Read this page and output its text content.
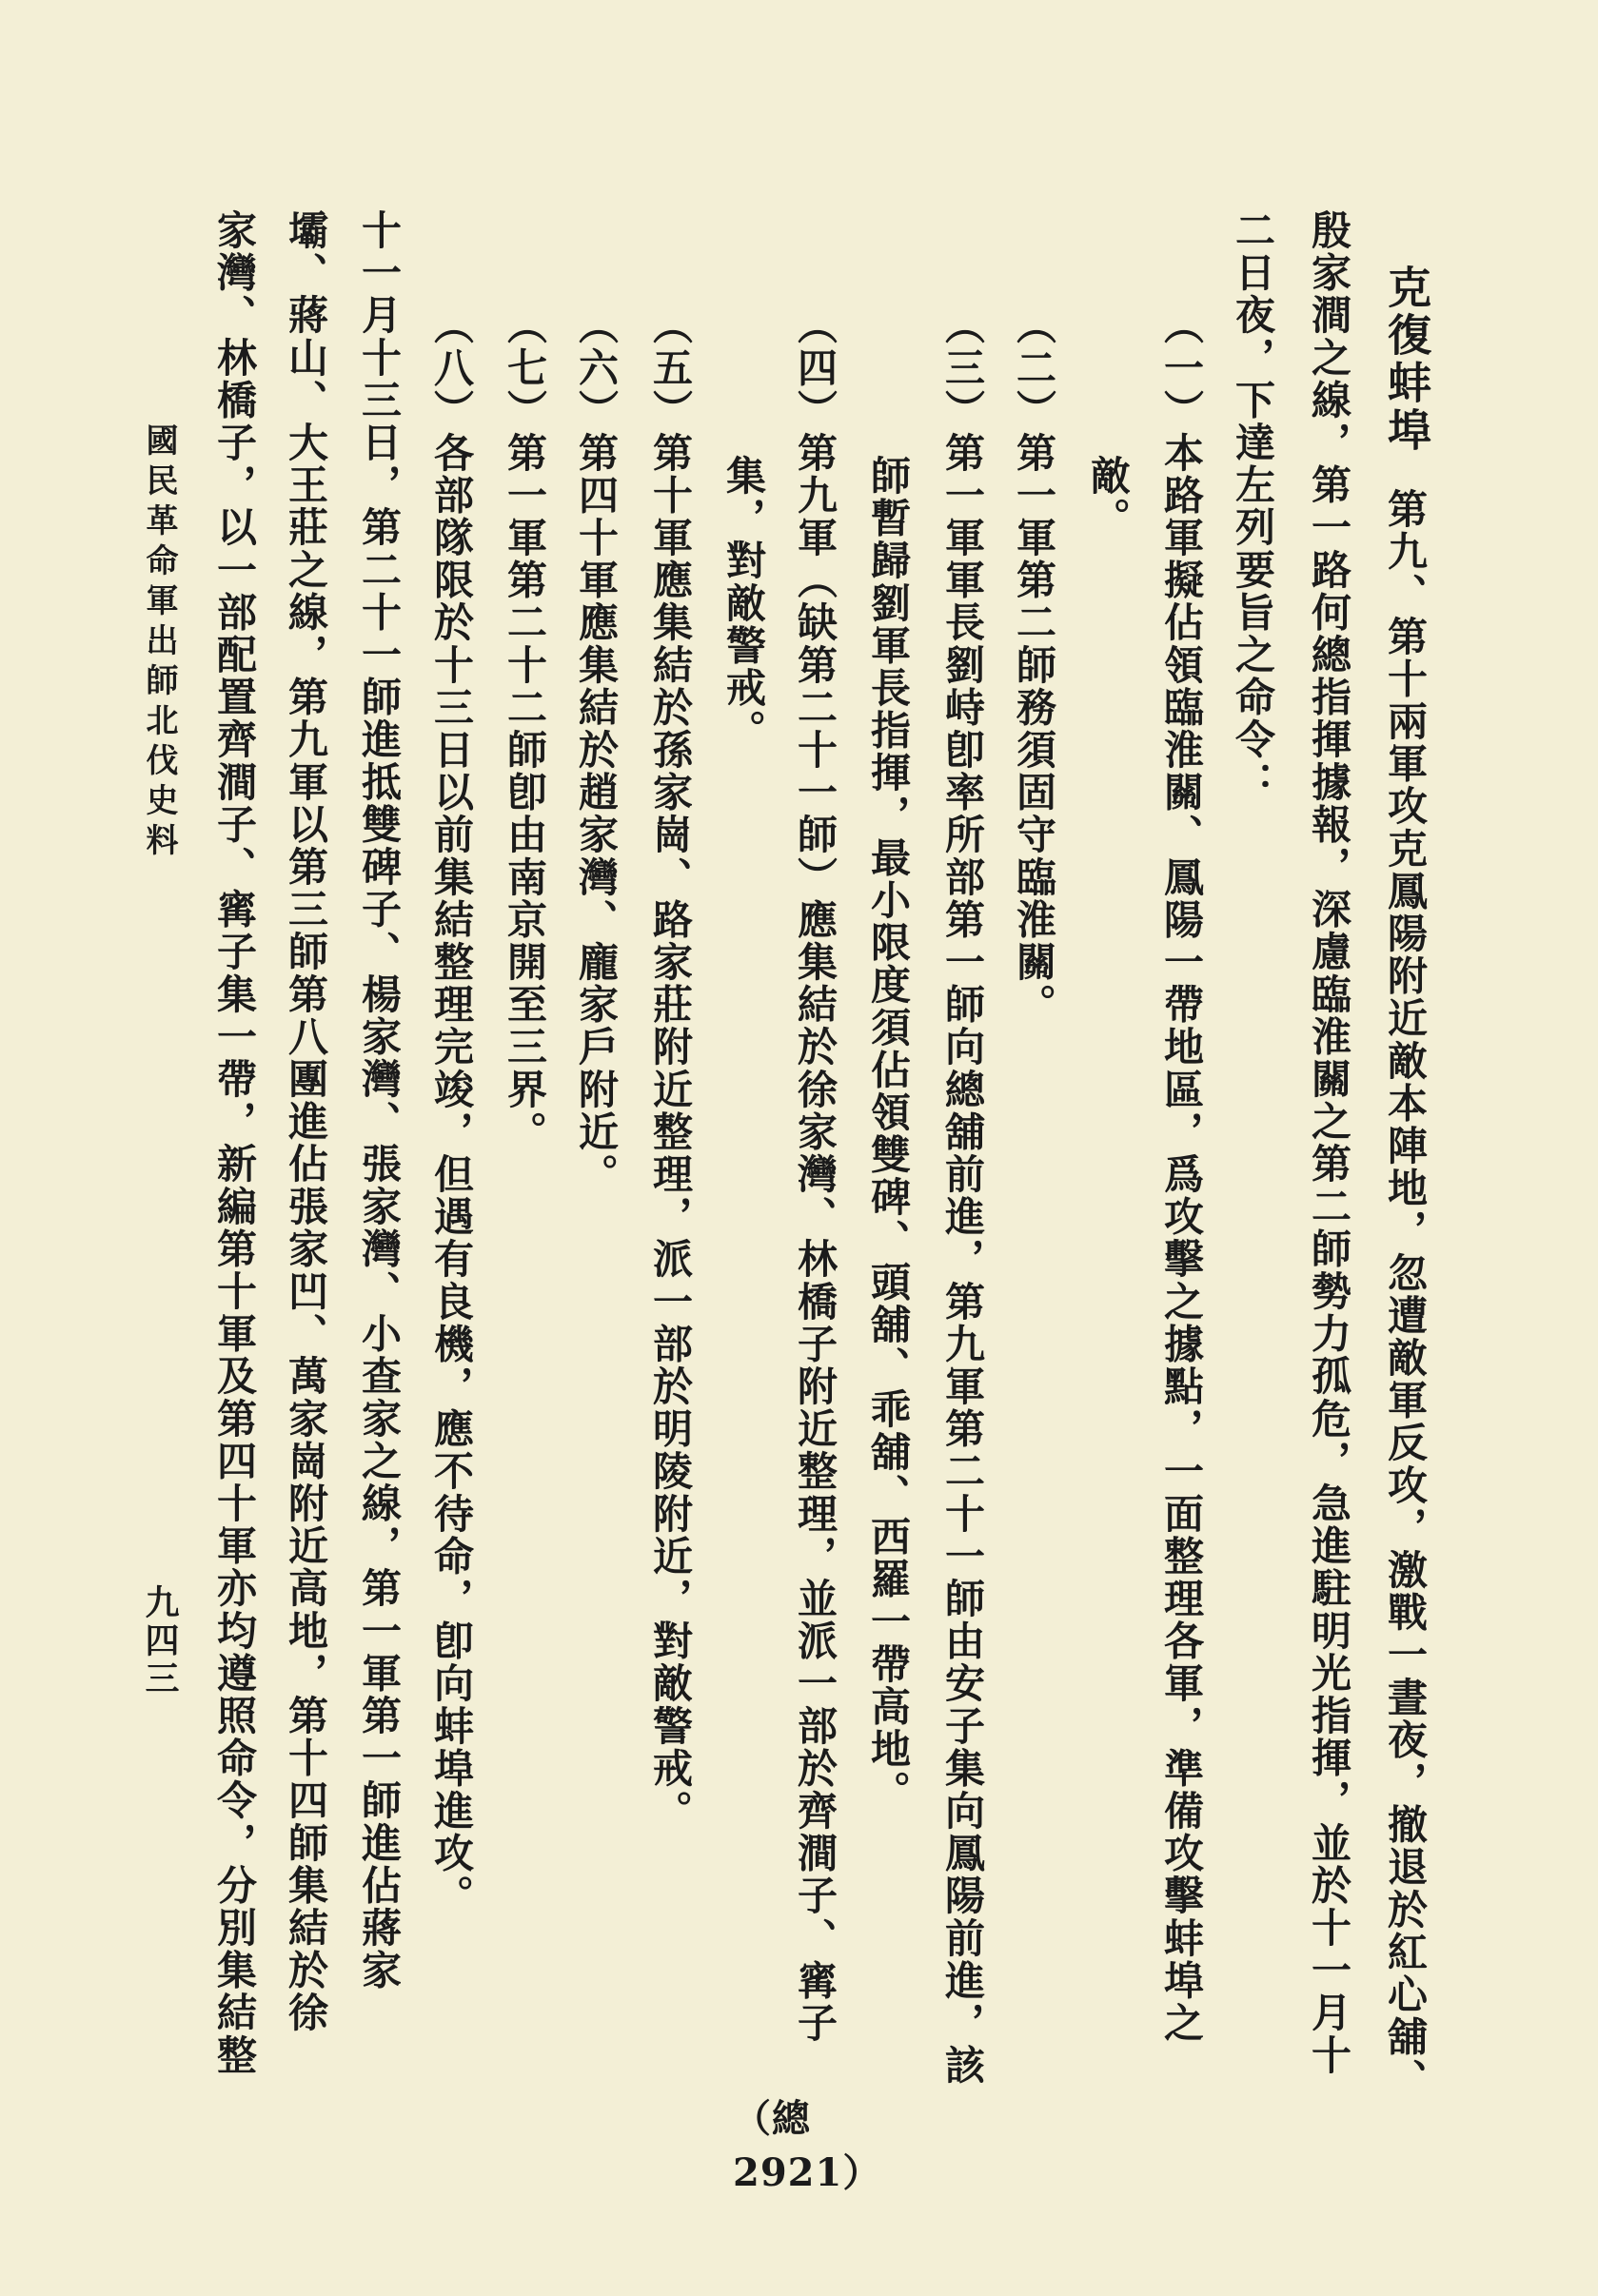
克復蚌埠
第九、第十兩軍攻克鳳陽附近敵本陣地，忽遭敵軍反攻，激戰一晝夜，撤退於紅心舖、
殷家澗之線，第一路何總指揮據報，深慮臨淮關之第二師勢力孤危，急進駐明光指揮，並於十一月十
二日夜，下達左列要旨之命令：
（一）本路軍擬佔領臨淮關、鳳陽一帶地區，爲攻擊之據點，一面整理各軍，準備攻擊蚌埠之
敵。
（二）第一軍第二師務須固守臨淮關。
（三）第一軍軍長劉峙卽率所部第一師向總舖前進，第九軍第二十一師由安子集向鳳陽前進，該
師暫歸劉軍長指揮，最小限度須佔領雙碑、頭舖、乖舖、西羅一帶高地。
（四）第九軍（缺第二十一師）應集結於徐家灣、林橋子附近整理，並派一部於齊澗子、寗子
集，對敵警戒。
（五）第十軍應集結於孫家崗、路家莊附近整理，派一部於明陵附近，對敵警戒。
（六）第四十軍應集結於趙家灣、龐家戶附近。
（七）第一軍第二十二師卽由南京開至三界。
（八）各部隊限於十三日以前集結整理完竣，但遇有良機，應不待命，卽向蚌埠進攻。
十一月十三日，第二十一師進抵雙碑子、楊家灣、張家灣、小查家之線，第一軍第一師進佔蔣家
壩、蔣山、大王莊之線，第九軍以第三師第八團進佔張家凹、萬家崗附近高地，第十四師集結於徐
家灣、林橋子，以一部配置齊澗子、寗子集一帶，新編第十軍及第四十軍亦均遵照命令，分別集結整
國民革命軍出師北伐史料
九四三
（總2921）
